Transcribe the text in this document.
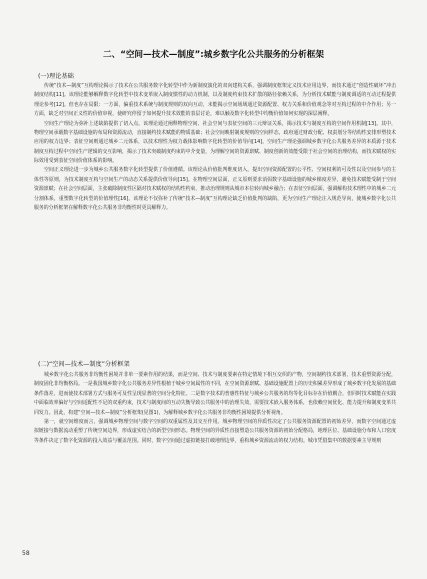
二、“空间—技术—制度”:城乡数字化公共服务的分析框架
(一)理论基础

传统“技术—制度”互构理论揭示了技术在公共服务数字化转型中作为新制度演化的双向建构关系，强调制度框架定义技术应用边界，而技术通过“创造性破坏”冲击制度结构[11]。该理论能够解释数字化转型中技术变革嵌入制度惯性的动力机制，以及制度约束技术扩散的路径依赖关系，为分析技术赋能与制度调适的互动过程提供理论参考[12]。但也存在局限：一方面，偏重技术系统与制度规则的双向互动，未能揭示空间场域通过资源配置、权力关系和价值观念等对互构过程的中介作用；另一方面，缺乏对空间正义性的价值审视，使研究停留于如何提升技术效能的表层讨论，难以触及数字化转型中均衡价值如何实现的深层阐释。

空间生产理论为弥补上述缺陷提供了切入点。该理论通过阐释物理空间、社会空间与表征空间的三元辩证关系，揭示技术与制度互构的空间作用机制[13]。其中，物理空间承载数字基础设施的布局和资源流动，直接制约技术赋能的物质基础；社会空间映射制度规则的空间样态，政府通过财政分配、权责划分等结构性安排形塑技术应用的权力边界；表征空间则通过城乡二元体系，以技术理性为权力载体影响数字化转型的价值导向[14]。空间生产理论强调城乡数字化公共服务差异的本质源于技术制度互构过程中空间生产逻辑的交互影响，揭示了技术突破制度约束的中介变量，为理解空间的资源禀赋、制度创新的效能受限于社会空间的治理结构，而技术赋权的实际效用受到表征空间价值体系的影响。

空间正义理论进一步为城乡公共服务数字化转型提供了价值遵循。该理论从价值批判维度切入，提出空间资源配置的公平性、空间权利的可及性以及空间参与的主体性等原则，为技术制度互构与空间生产的动态关系提供价值导向[15]。在物理空间层面，正义原则要求消弭数字基础设施的城乡梯度差异，避免技术赋能受制于空间资源禀赋；在社会空间层面，主张破除制度性区隔对技术赋权的结构性约束，推动治理规则从城市本位转向城乡融合；在表征空间层面，强调解构技术理性中的城乡二元分割体系，重塑数字化转型的价值理性[16]。该理论不仅弥补了传统“技术—制度”互构理论缺乏价值批判的缺陷，更为空间生产理论注入规范导向，使城乡数字化公共服务的分析框架在解释数字化公共服务非均衡性时更具解释力。

(二)“空间—技术—制度”分析框架

城乡数字化公共服务非均衡性困境并非单一要素作用的结果，而是空间、技术与制度要素在特定情境下相互交织的产物，空间制约技术部署，技术重塑资源分配，制度固化非均衡格局。一是我国城乡数字化公共服务差异性根植于城乡空间属性的不同，在空间资源禀赋、基础设施配置上的历史积累差异形成了城乡数字化发展的基础条件落差，进而使技术部署方式与服务可及性呈现显著的空间分化特征。二是数字技术的普惠性特征与城乡公共服务的均等化目标存在价值耦合，但同时技术赋能在实践中面临效率偏好与空间适配性不足的双重约束，技术与制度间的互动失衡导致公共服务中的治理失效，需要技术嵌入服务体系，也依赖空间优化、能力提升和制度变革共同发力。因此，构建“空间—技术—制度”分析框架(见图1)，为解释城乡数字化公共服务非均衡性困境提供分析视角。

第一，就空间维度而言，强调城乡物理空间与数字空间的双重属性及其交互作用。城乡物理空间的异质性决定了公共服务资源配置的初始差异，而数字空间通过虚拟链接与数据流动重塑了传统空间边界，形成虚实结合的新型空间形态。物理空间的异质性直接塑造公共服务资源的初始分配格局，地理区位、基础设施分布和人口密度等条件决定了数字化资源的投入效益与覆盖范围。同时，数字空间通过虚拟链接打破地理边界，重构城乡资源流动的权力结构。城市凭借集中的数据要素主导规则

58
